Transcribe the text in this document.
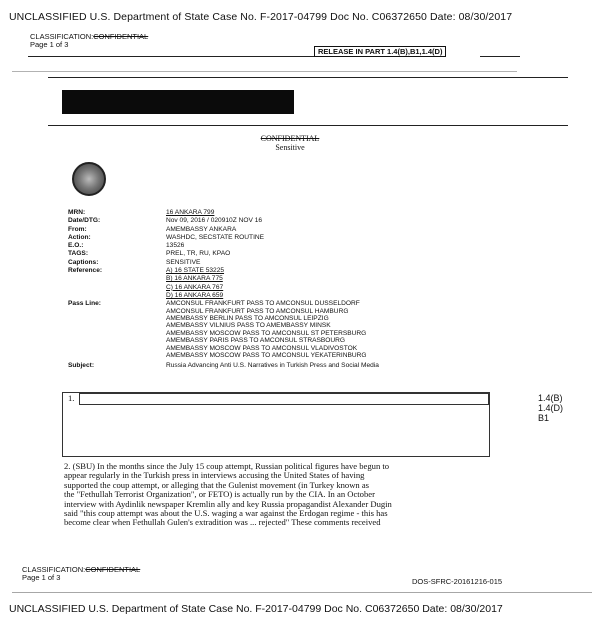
UNCLASSIFIED U.S. Department of State Case No. F-2017-04799 Doc No. C06372650 Date: 08/30/2017
CLASSIFICATION:CONFIDENTIAL
Page 1 of 3
RELEASE IN PART 1.4(B),B1,1.4(D)
CONFIDENTIAL
Sensitive
MRN:	16 ANKARA 799
Date/DTG:	Nov 09, 2016 / 020910Z NOV 16
From:	AMEMBASSY ANKARA
Action:	WASHDC, SECSTATE ROUTINE
E.O.:	13526
TAGS:	PREL, TR, RU, KPAO
Captions:	SENSITIVE
Reference:	A) 16 STATE 53225
B) 16 ANKARA 775
C) 16 ANKARA 767
D) 16 ANKARA 659
Pass Line:	AMCONSUL FRANKFURT PASS TO AMCONSUL DUSSELDORF
AMCONSUL FRANKFURT PASS TO AMCONSUL HAMBURG
AMEMBASSY BERLIN PASS TO AMCONSUL LEIPZIG
AMEMBASSY VILNIUS PASS TO AMEMBASSY MINSK
AMEMBASSY MOSCOW PASS TO AMCONSUL ST PETERSBURG
AMEMBASSY PARIS PASS TO AMCONSUL STRASBOURG
AMEMBASSY MOSCOW PASS TO AMCONSUL VLADIVOSTOK
AMEMBASSY MOSCOW PASS TO AMCONSUL YEKATERINBURG
Subject:	Russia Advancing Anti U.S. Narratives in Turkish Press and Social Media
1.	1.4(B)
1.4(D)
B1
2. (SBU) In the months since the July 15 coup attempt, Russian political figures have begun to
appear regularly in the Turkish press in interviews accusing the United States of having
supported the coup attempt, or alleging that the Gulenist movement (in Turkey known as
the "Fethullah Terrorist Organization", or FETO) is actually run by the CIA. In an October
interview with Aydinlik newspaper Kremlin ally and key Russia propagandist Alexander Dugin
said "this coup attempt was about the U.S. waging a war against the Erdogan regime - this has
become clear when Fethullah Gulen's extradition was ... rejected" These comments received
CLASSIFICATION:CONFIDENTIAL
Page 1 of 3	DOS-SFRC-20161216-015
UNCLASSIFIED U.S. Department of State Case No. F-2017-04799 Doc No. C06372650 Date: 08/30/2017
